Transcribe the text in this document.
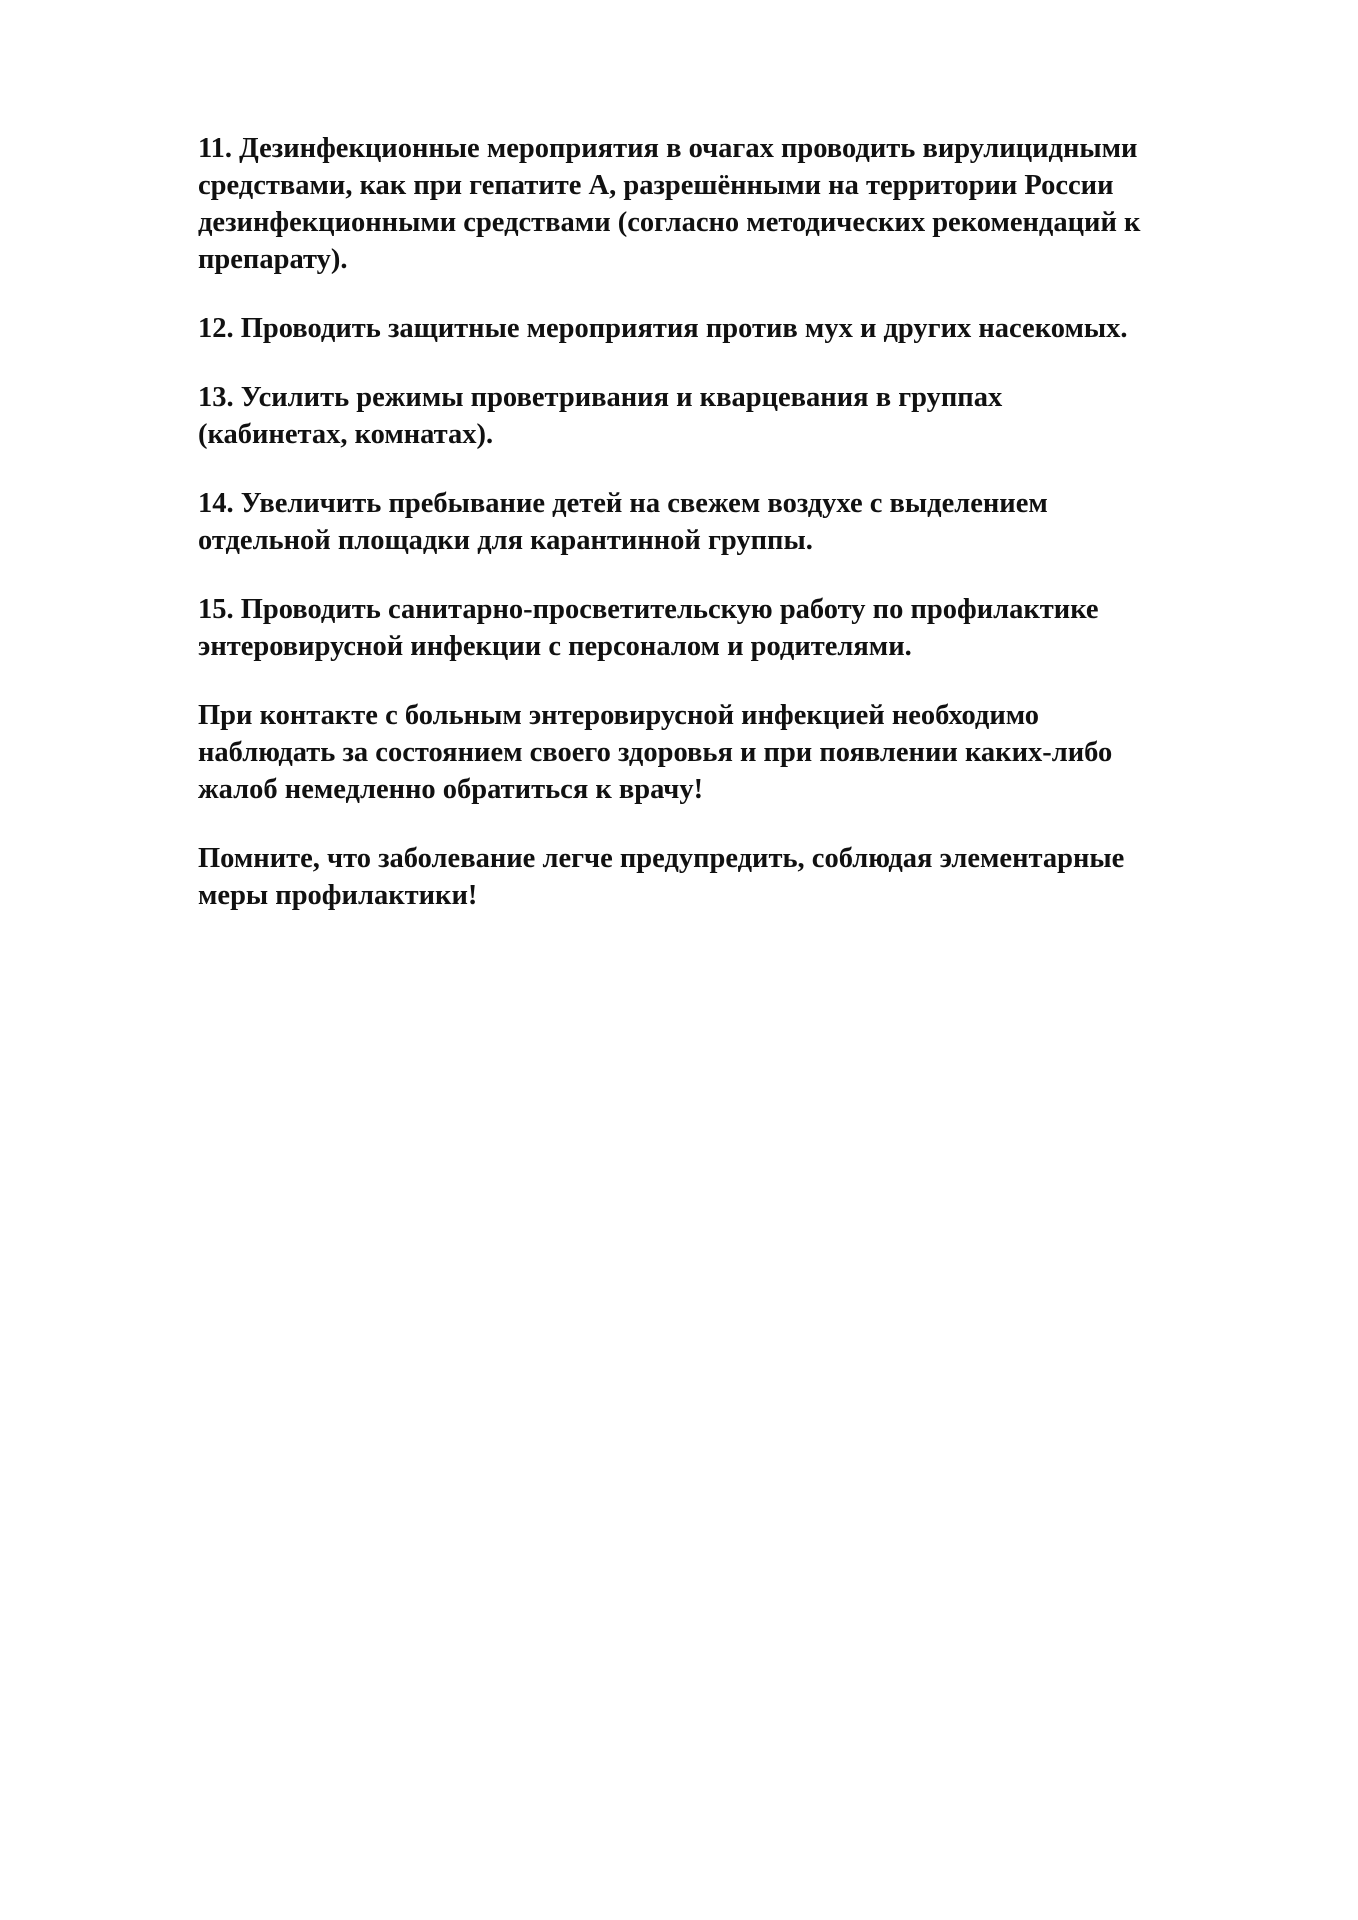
11. Дезинфекционные мероприятия в очагах проводить вирулицидными
средствами, как при гепатите А, разрешёнными на территории России
дезинфекционными средствами (согласно методических рекомендаций к
препарату).

12. Проводить защитные мероприятия против мух и других насекомых.

13. Усилить режимы проветривания и кварцевания в группах
(кабинетах, комнатах).

14. Увеличить пребывание детей на свежем воздухе с выделением
отдельной площадки для карантинной группы.

15. Проводить санитарно-просветительскую работу по профилактике
энтеровирусной инфекции с персоналом и родителями.

При контакте с больным энтеровирусной инфекцией необходимо
наблюдать за состоянием своего здоровья и при появлении каких-либо
жалоб немедленно обратиться к врачу!

Помните, что заболевание легче предупредить, соблюдая элементарные
меры профилактики!
